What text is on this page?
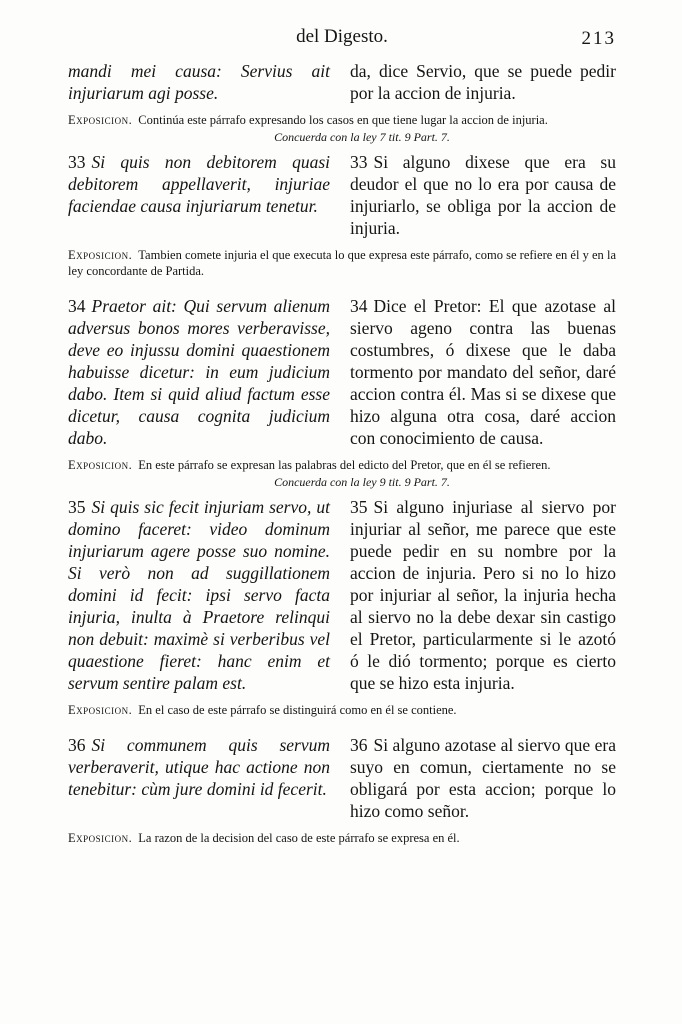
del Digesto.	213

mandi mei causa: Servius ait injuriarum agi posse.

da, dice Servio, que se puede pedir por la accion de injuria.

Exposicion. Continúa este párrafo expresando los casos en que tiene lugar la accion de injuria.
Concuerda con la ley 7 tit. 9 Part. 7.

33 Si quis non debitorem quasi debitorem appellaverit, injuriae faciendae causa injuriarum tenetur.

33 Si alguno dixese que era su deudor el que no lo era por causa de injuriarlo, se obliga por la accion de injuria.

Exposicion. Tambien comete injuria el que executa lo que expresa este párrafo, como se refiere en él y en la ley concordante de Partida.

34 Praetor ait: Qui servum alienum adversus bonos mores verberavisse, deve eo injussu domini quaestionem habuisse dicetur: in eum judicium dabo. Item si quid aliud factum esse dicetur, causa cognita judicium dabo.

34 Dice el Pretor: El que azotase al siervo ageno contra las buenas costumbres, ó dixese que le daba tormento por mandato del señor, daré accion contra él. Mas si se dixese que hizo alguna otra cosa, daré accion con conocimiento de causa.

Exposicion. En este párrafo se expresan las palabras del edicto del Pretor, que en él se refieren.
Concuerda con la ley 9 tit. 9 Part. 7.

35 Si quis sic fecit injuriam servo, ut domino faceret: video dominum injuriarum agere posse suo nomine. Si verò non ad suggillationem domini id fecit: ipsi servo facta injuria, inulta à Praetore relinqui non debuit: maximè si verberibus vel quaestione fieret: hanc enim et servum sentire palam est.

35 Si alguno injuriase al siervo por injuriar al señor, me parece que este puede pedir en su nombre por la accion de injuria. Pero si no lo hizo por injuriar al señor, la injuria hecha al siervo no la debe dexar sin castigo el Pretor, particularmente si le azotó ó le dió tormento; porque es cierto que se hizo esta injuria.

Exposicion. En el caso de este párrafo se distinguirá como en él se contiene.

36 Si communem quis servum verberaverit, utique hac actione non tenebitur: cùm jure domini id fecerit.

36 Si alguno azotase al siervo que era suyo en comun, ciertamente no se obligará por esta accion; porque lo hizo como señor.

Exposicion. La razon de la decision del caso de este párrafo se expresa en él.
